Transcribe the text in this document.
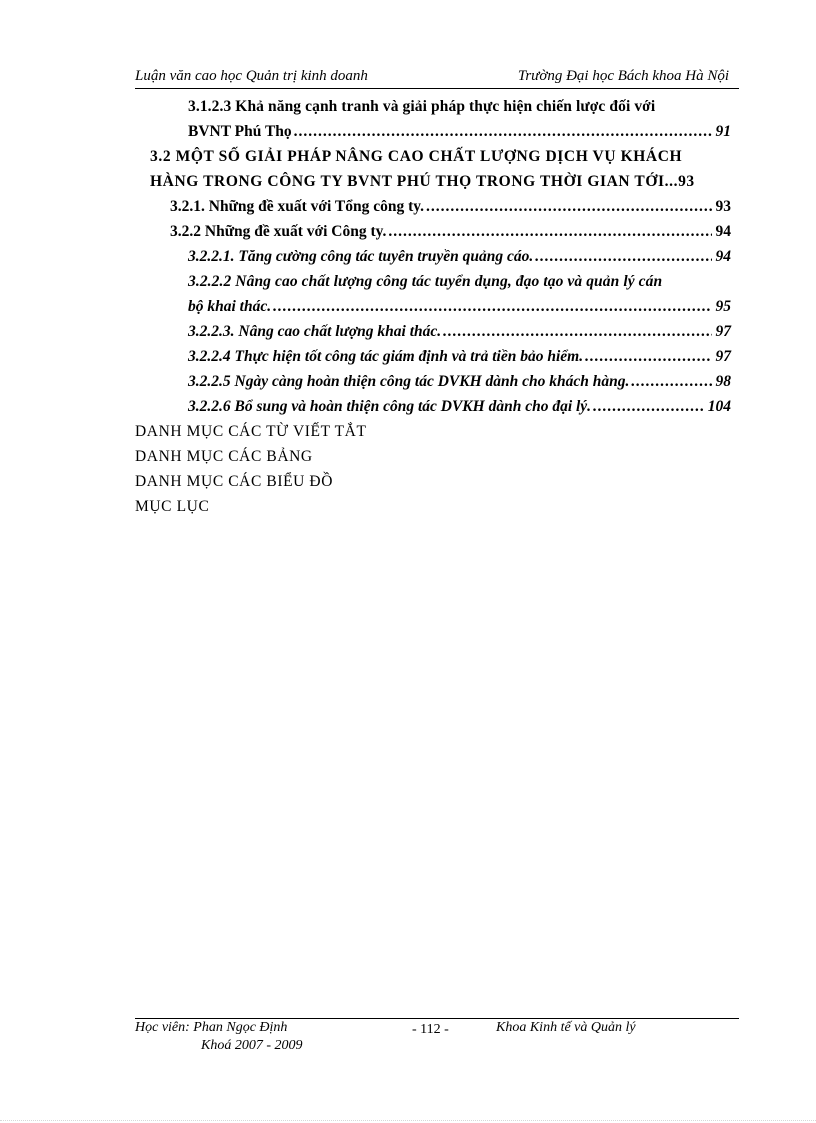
Luận văn cao học Quản trị kinh doanh	Trường Đại học Bách khoa Hà Nội
3.1.2.3 Khả năng cạnh tranh và giải pháp thực hiện chiến lược đối với
BVNT Phú Thọ .....	91
3.2 MỘT SỐ GIẢI PHÁP NÂNG CAO CHẤT LƯỢNG DỊCH VỤ KHÁCH
HÀNG TRONG CÔNG TY BVNT PHÚ THỌ TRONG THỜI GIAN TỚI...93
3.2.1. Những đề xuất với Tổng công ty. .....	93
3.2.2 Những đề xuất với Công ty. .....	94
3.2.2.1. Tăng cường công tác tuyên truyền quảng cáo. .....	94
3.2.2.2 Nâng cao chất lượng công tác tuyển dụng, đạo tạo và quản lý cán
bộ khai thác. .....	95
3.2.2.3. Nâng cao chất lượng khai thác. .....	97
3.2.2.4 Thực hiện tốt công tác giám định và trả tiền bảo hiểm. .....	97
3.2.2.5 Ngày càng hoàn thiện công tác DVKH dành cho khách hàng. .....	98
3.2.2.6 Bổ sung và hoàn thiện công tác DVKH dành cho đại lý. .....	104
DANH MỤC CÁC TỪ VIẾT TẮT
DANH MỤC CÁC BẢNG
DANH MỤC CÁC BIỂU ĐỒ
MỤC LỤC
Học viên: Phan Ngọc Định
Khoá 2007 - 2009
- 112 -	Khoa Kinh tế và Quản lý
